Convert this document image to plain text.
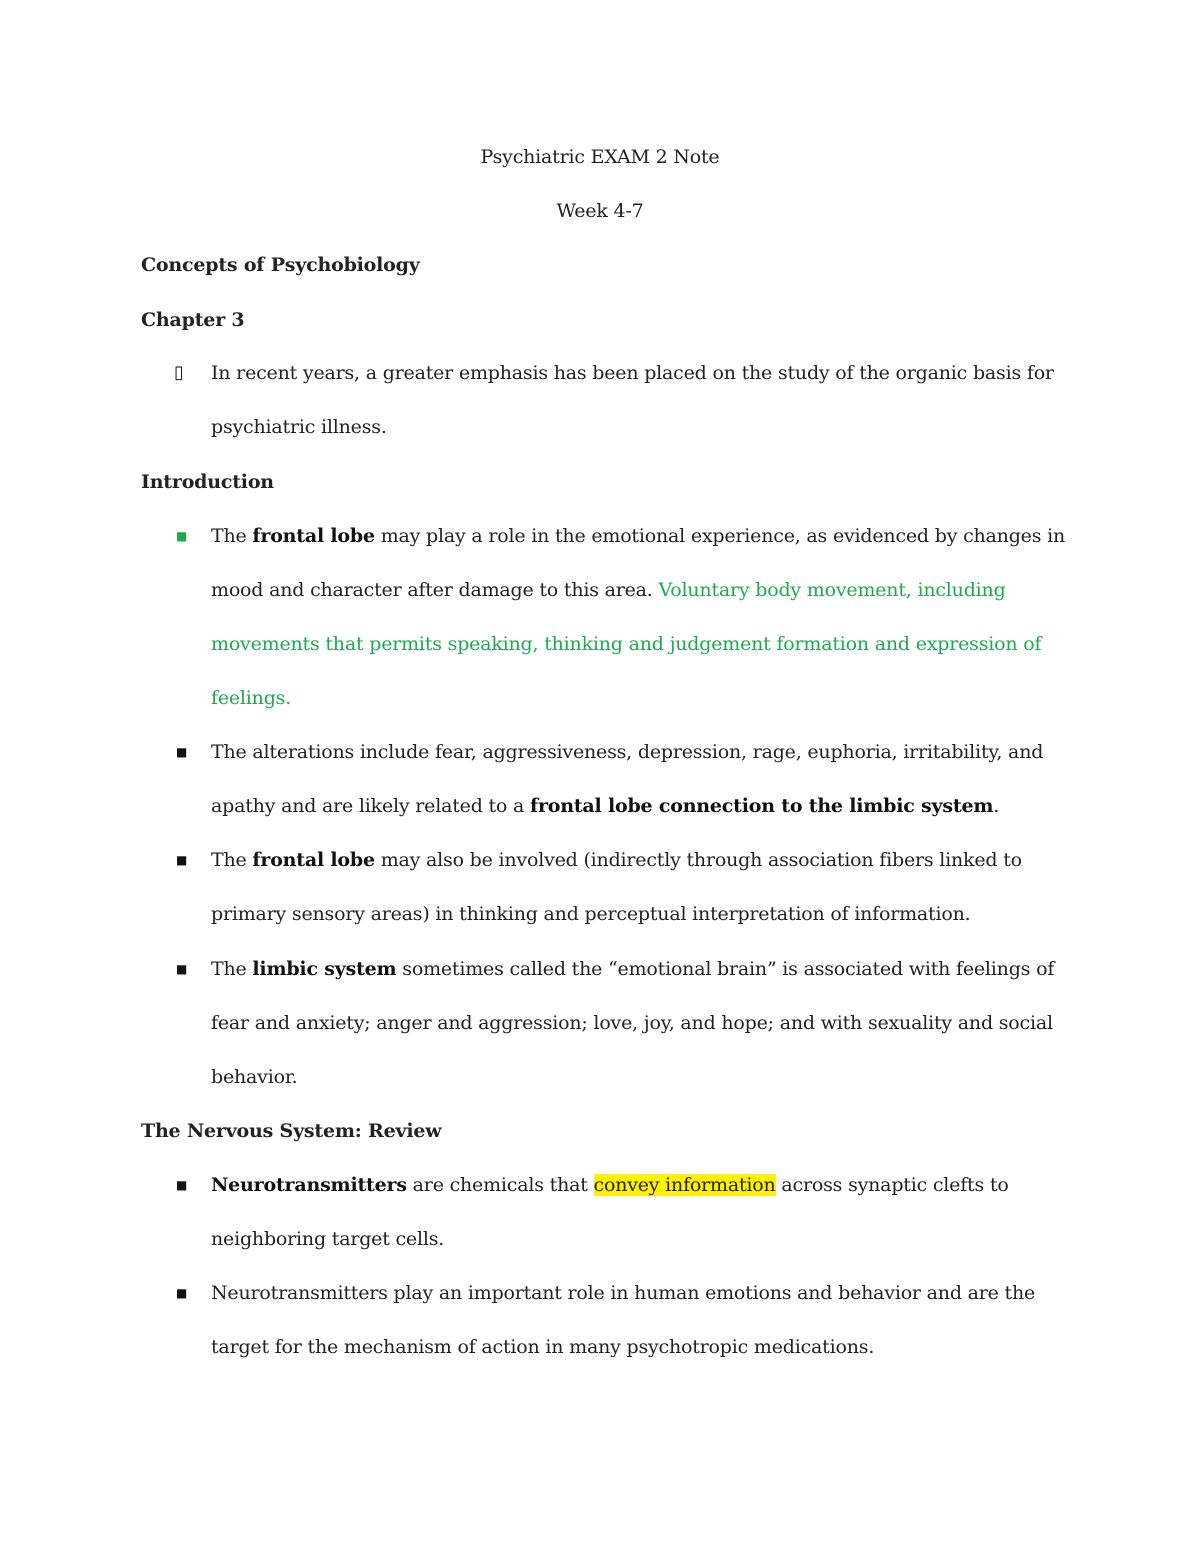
Psychiatric EXAM 2 Note
Week 4-7
Concepts of Psychobiology
Chapter 3
▯ In recent years, a greater emphasis has been placed on the study of the organic basis for
psychiatric illness.
Introduction
■ The frontal lobe may play a role in the emotional experience, as evidenced by changes in
mood and character after damage to this area. Voluntary body movement, including
movements that permits speaking, thinking and judgement formation and expression of
feelings.
■ The alterations include fear, aggressiveness, depression, rage, euphoria, irritability, and
apathy and are likely related to a frontal lobe connection to the limbic system.
■ The frontal lobe may also be involved (indirectly through association fibers linked to
primary sensory areas) in thinking and perceptual interpretation of information.
■ The limbic system sometimes called the “emotional brain” is associated with feelings of
fear and anxiety; anger and aggression; love, joy, and hope; and with sexuality and social
behavior.
The Nervous System: Review
■ Neurotransmitters are chemicals that convey information across synaptic clefts to
neighboring target cells.
■ Neurotransmitters play an important role in human emotions and behavior and are the
target for the mechanism of action in many psychotropic medications.
